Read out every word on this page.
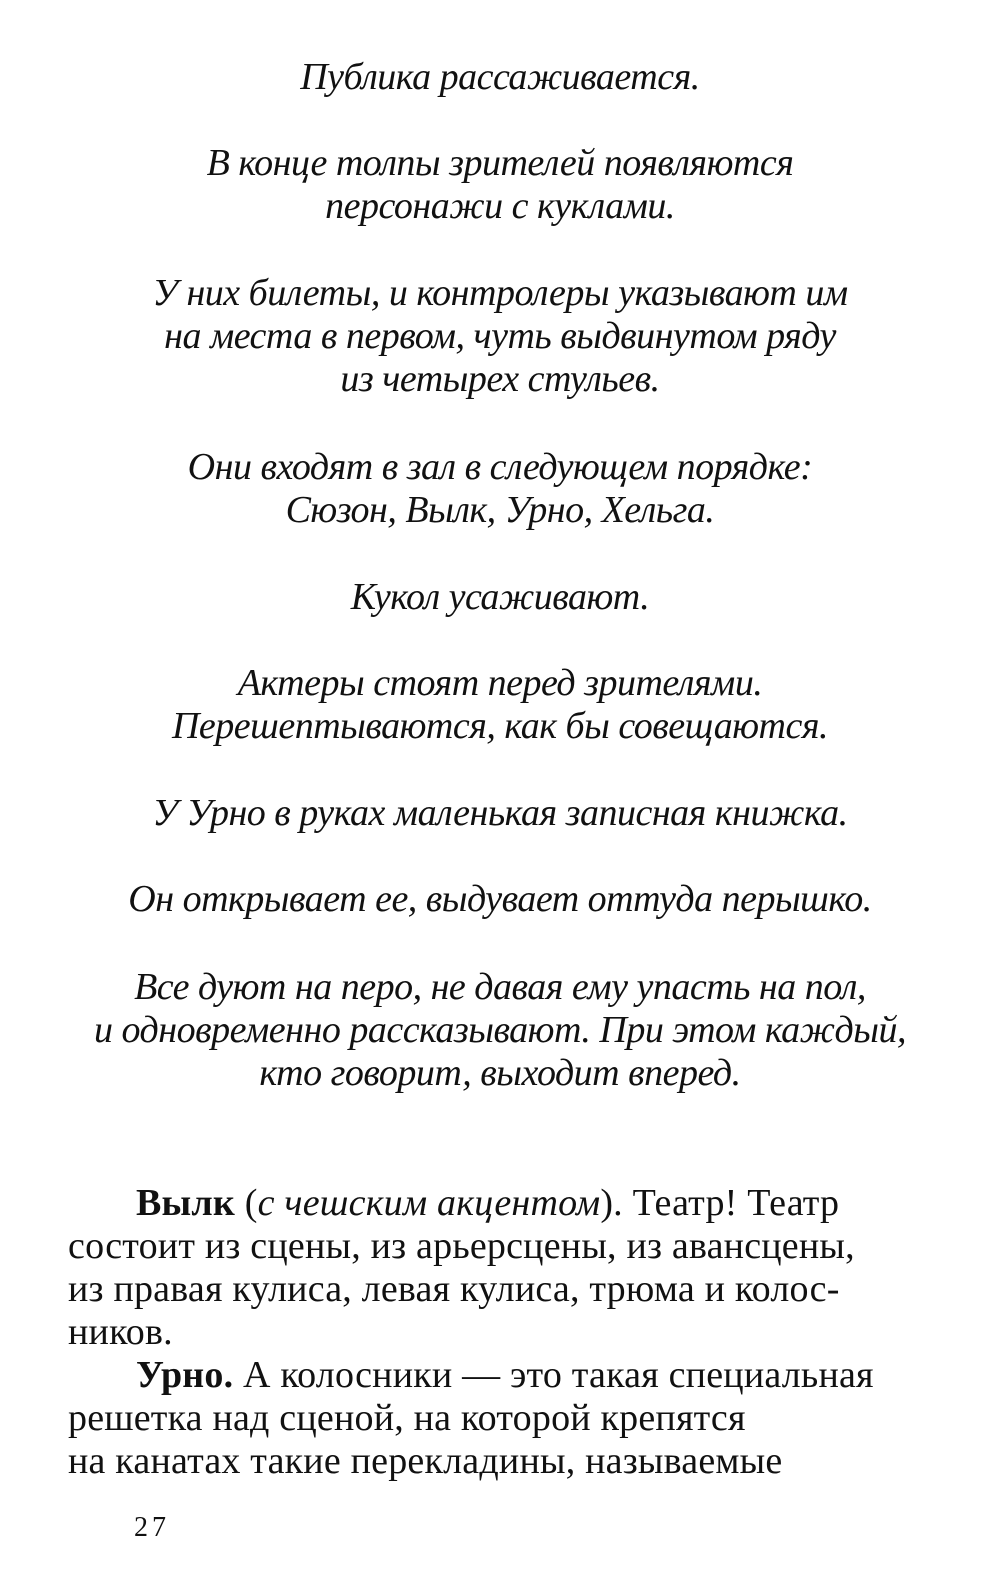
Публика рассаживается.
В конце толпы зрителей появляются
персонажи с куклами.
У них билеты, и контролеры указывают им
на места в первом, чуть выдвинутом ряду
из четырех стульев.
Они входят в зал в следующем порядке:
Сюзон, Вылк, Урно, Хельга.
Кукол усаживают.
Актеры стоят перед зрителями.
Перешептываются, как бы совещаются.
У Урно в руках маленькая записная книжка.
Он открывает ее, выдувает оттуда перышко.
Все дуют на перо, не давая ему упасть на пол,
и одновременно рассказывают. При этом каждый,
кто говорит, выходит вперед.
Вылк (с чешским акцентом). Театр! Театр
состоит из сцены, из арьерсцены, из авансцены,
из правая кулиса, левая кулиса, трюма и колос-
ников.
Урно. А колосники — это такая специальная
решетка над сценой, на которой крепятся
на канатах такие перекладины, называемые
27
